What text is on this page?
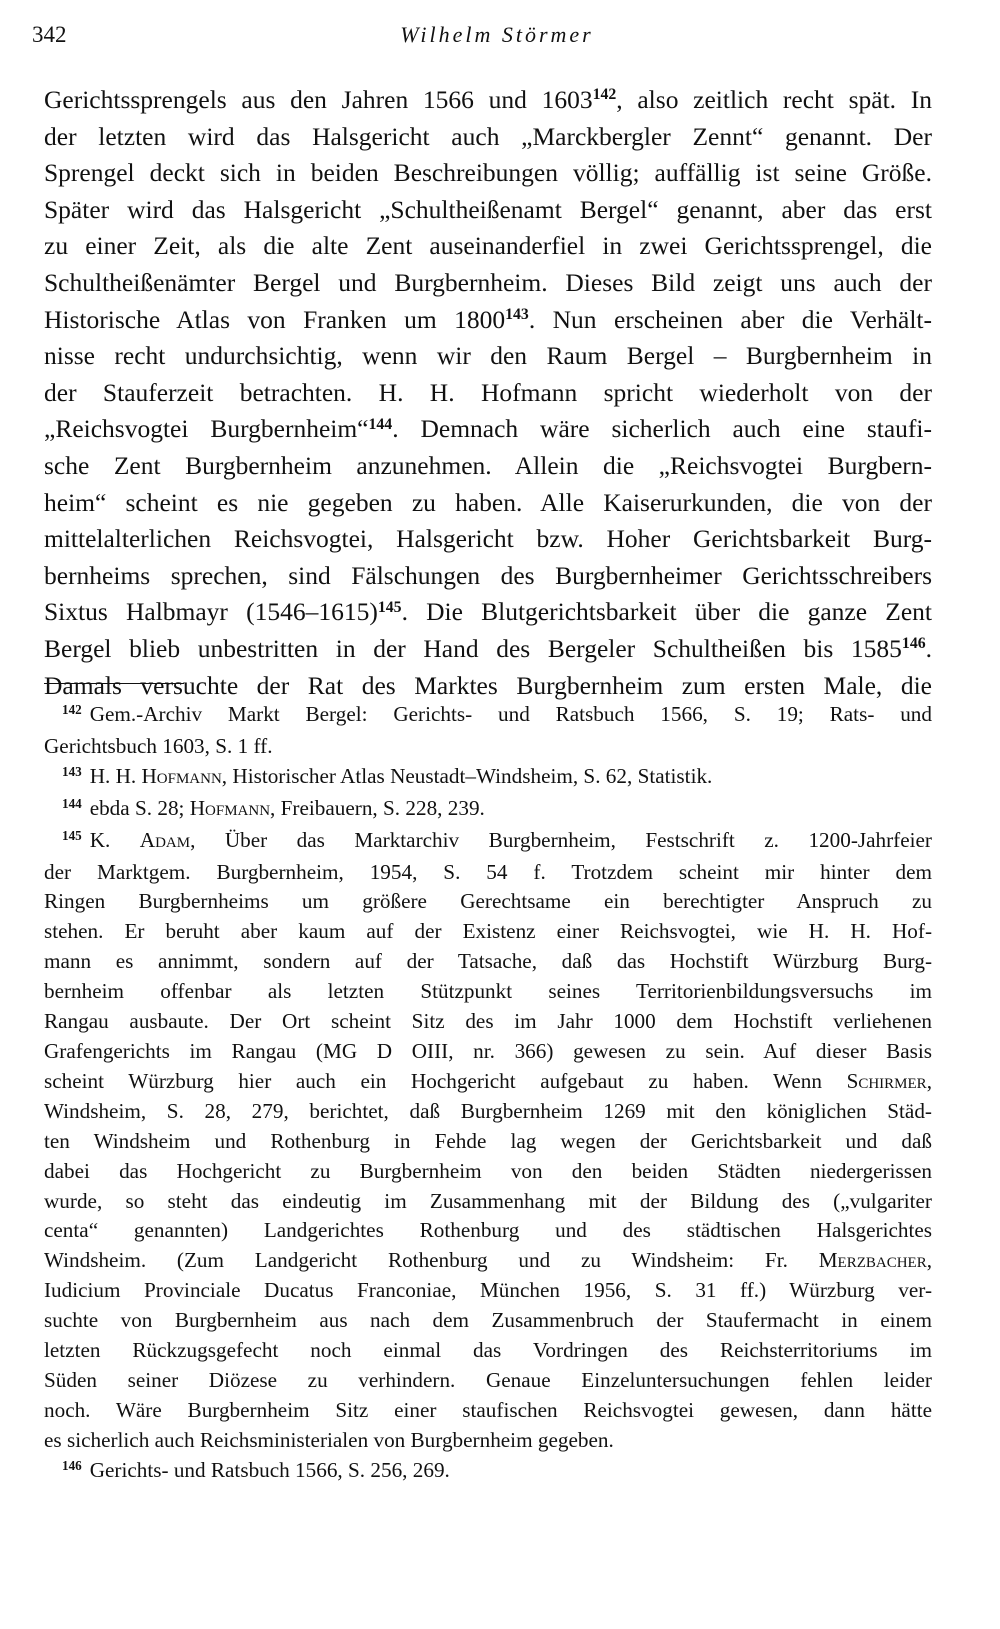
342	Wilhelm Störmer
Gerichtssprengels aus den Jahren 1566 und 1603$^{142}$, also zeitlich recht spät. In
der letzten wird das Halsgericht auch „Marckbergler Zennt“ genannt. Der
Sprengel deckt sich in beiden Beschreibungen völlig; auffällig ist seine Größe.
Später wird das Halsgericht „Schultheißenamt Bergel“ genannt, aber das erst
zu einer Zeit, als die alte Zent auseinanderfiel in zwei Gerichtssprengel, die
Schultheißenämter Bergel und Burgbernheim. Dieses Bild zeigt uns auch der
Historische Atlas von Franken um 1800$^{143}$. Nun erscheinen aber die Verhält-
nisse recht undurchsichtig, wenn wir den Raum Bergel – Burgbernheim in
der Stauferzeit betrachten. H. H. Hofmann spricht wiederholt von der
„Reichsvogtei Burgbernheim“$^{144}$. Demnach wäre sicherlich auch eine staufi-
sche Zent Burgbernheim anzunehmen. Allein die „Reichsvogtei Burgbern-
heim“ scheint es nie gegeben zu haben. Alle Kaiserurkunden, die von der
mittelalterlichen Reichsvogtei, Halsgericht bzw. Hoher Gerichtsbarkeit Burg-
bernheims sprechen, sind Fälschungen des Burgbernheimer Gerichtsschreibers
Sixtus Halbmayr (1546–1615)$^{145}$. Die Blutgerichtsbarkeit über die ganze Zent
Bergel blieb unbestritten in der Hand des Bergeler Schultheißen bis 1585$^{146}$.
Damals versuchte der Rat des Marktes Burgbernheim zum ersten Male, die
$^{142}$ Gem.-Archiv Markt Bergel: Gerichts- und Ratsbuch 1566, S. 19; Rats- und
Gerichtsbuch 1603, S. 1 ff.
$^{143}$ H. H. Hofmann, Historischer Atlas Neustadt–Windsheim, S. 62, Statistik.
$^{144}$ ebda S. 28; Hofmann, Freibauern, S. 228, 239.
$^{145}$ K. Adam, Über das Marktarchiv Burgbernheim, Festschrift z. 1200-Jahrfeier
der Marktgem. Burgbernheim, 1954, S. 54 f. Trotzdem scheint mir hinter dem
Ringen Burgbernheims um größere Gerechtsame ein berechtigter Anspruch zu
stehen. Er beruht aber kaum auf der Existenz einer Reichsvogtei, wie H. H. Hof-
mann es annimmt, sondern auf der Tatsache, daß das Hochstift Würzburg Burg-
bernheim offenbar als letzten Stützpunkt seines Territorienbildungsversuchs im
Rangau ausbaute. Der Ort scheint Sitz des im Jahr 1000 dem Hochstift verliehenen
Grafengerichts im Rangau (MG D OIII, nr. 366) gewesen zu sein. Auf dieser Basis
scheint Würzburg hier auch ein Hochgericht aufgebaut zu haben. Wenn Schirmer,
Windsheim, S. 28, 279, berichtet, daß Burgbernheim 1269 mit den königlichen Städ-
ten Windsheim und Rothenburg in Fehde lag wegen der Gerichtsbarkeit und daß
dabei das Hochgericht zu Burgbernheim von den beiden Städten niedergerissen
wurde, so steht das eindeutig im Zusammenhang mit der Bildung des („vulgariter
centa“ genannten) Landgerichtes Rothenburg und des städtischen Halsgerichtes
Windsheim. (Zum Landgericht Rothenburg und zu Windsheim: Fr. Merzbacher,
Iudicium Provinciale Ducatus Franconiae, München 1956, S. 31 ff.) Würzburg ver-
suchte von Burgbernheim aus nach dem Zusammenbruch der Staufermacht in einem
letzten Rückzugsgefecht noch einmal das Vordringen des Reichsterritoriums im
Süden seiner Diözese zu verhindern. Genaue Einzeluntersuchungen fehlen leider
noch. Wäre Burgbernheim Sitz einer staufischen Reichsvogtei gewesen, dann hätte
es sicherlich auch Reichsministerialen von Burgbernheim gegeben.
$^{146}$ Gerichts- und Ratsbuch 1566, S. 256, 269.
